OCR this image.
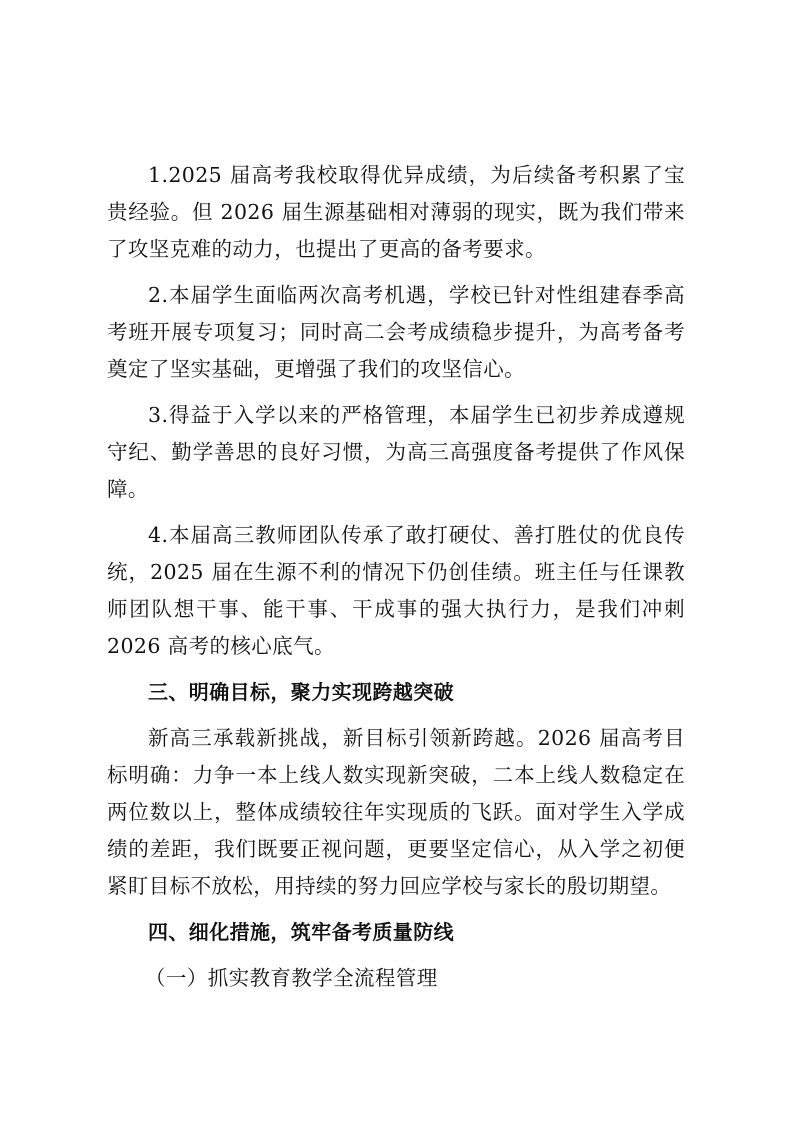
1.2025 届高考我校取得优异成绩，为后续备考积累了宝贵经验。但 2026 届生源基础相对薄弱的现实，既为我们带来了攻坚克难的动力，也提出了更高的备考要求。

2.本届学生面临两次高考机遇，学校已针对性组建春季高考班开展专项复习；同时高二会考成绩稳步提升，为高考备考奠定了坚实基础，更增强了我们的攻坚信心。

3.得益于入学以来的严格管理，本届学生已初步养成遵规守纪、勤学善思的良好习惯，为高三高强度备考提供了作风保障。

4.本届高三教师团队传承了敢打硬仗、善打胜仗的优良传统，2025 届在生源不利的情况下仍创佳绩。班主任与任课教师团队想干事、能干事、干成事的强大执行力，是我们冲刺 2026 高考的核心底气。

三、明确目标，聚力实现跨越突破

新高三承载新挑战，新目标引领新跨越。2026 届高考目标明确：力争一本上线人数实现新突破，二本上线人数稳定在两位数以上，整体成绩较往年实现质的飞跃。面对学生入学成绩的差距，我们既要正视问题，更要坚定信心，从入学之初便紧盯目标不放松，用持续的努力回应学校与家长的殷切期望。

四、细化措施，筑牢备考质量防线

（一）抓实教育教学全流程管理
